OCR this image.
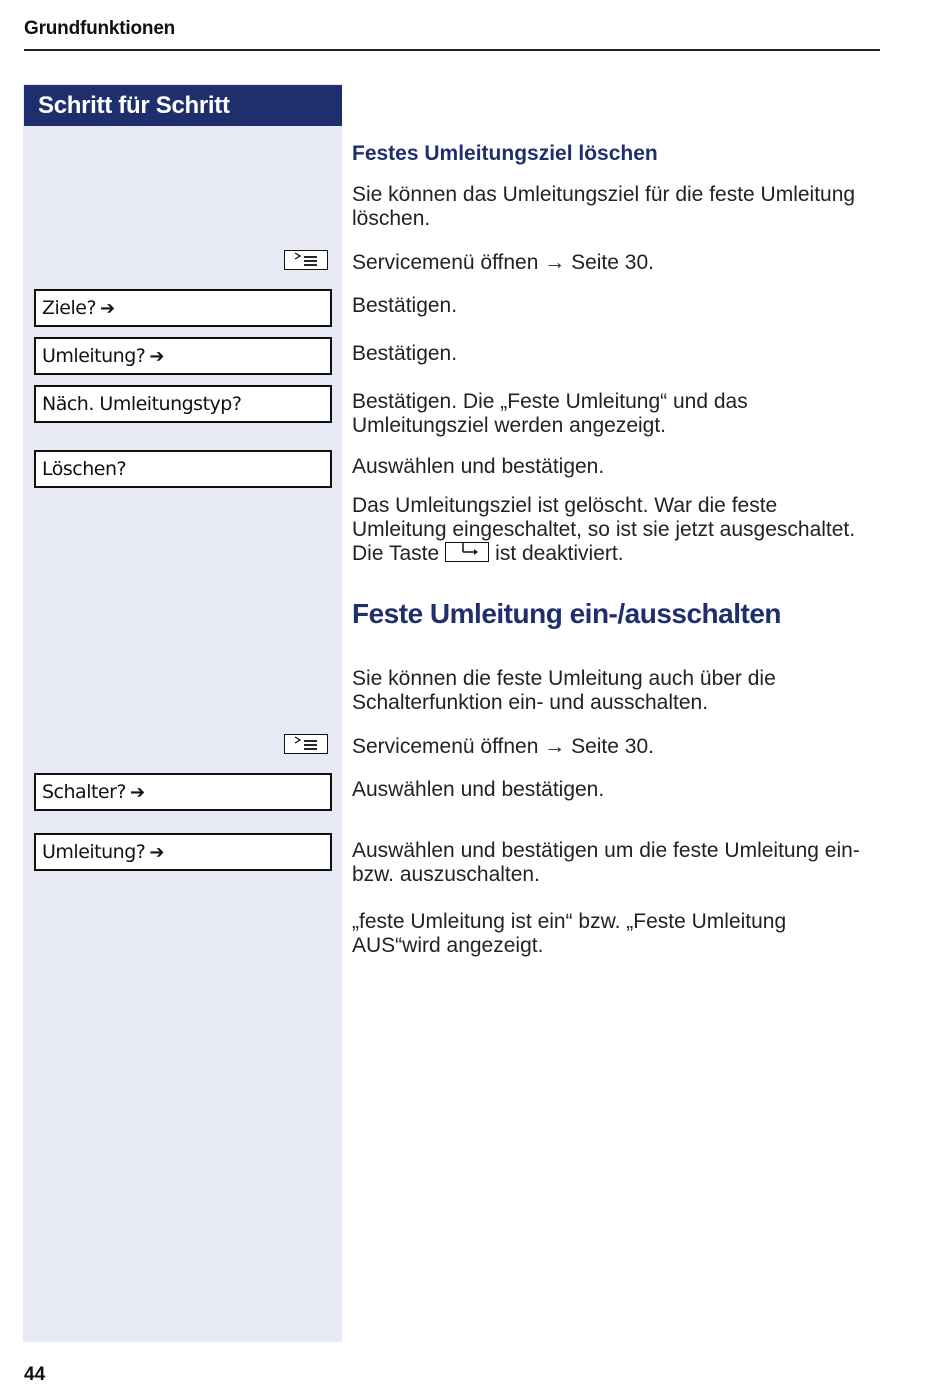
Grundfunktionen
Schritt für Schritt
Festes Umleitungsziel löschen
Sie können das Umleitungsziel für die feste Umleitung löschen.
Servicemenü öffnen → Seite 30.
Ziele? ➔	Bestätigen.
Umleitung? ➔	Bestätigen.
Näch. Umleitungstyp?	Bestätigen. Die „Feste Umleitung“ und das Umleitungsziel werden angezeigt.
Löschen?	Auswählen und bestätigen.
Das Umleitungsziel ist gelöscht. War die feste Umleitung eingeschaltet, so ist sie jetzt ausgeschaltet. Die Taste	ist deaktiviert.
Feste Umleitung ein-/ausschalten
Sie können die feste Umleitung auch über die Schalterfunktion ein- und ausschalten.
Servicemenü öffnen → Seite 30.
Schalter? ➔	Auswählen und bestätigen.
Umleitung? ➔	Auswählen und bestätigen um die feste Umleitung ein- bzw. auszuschalten.
„feste Umleitung ist ein“ bzw. „Feste Umleitung AUS“wird angezeigt.
44
